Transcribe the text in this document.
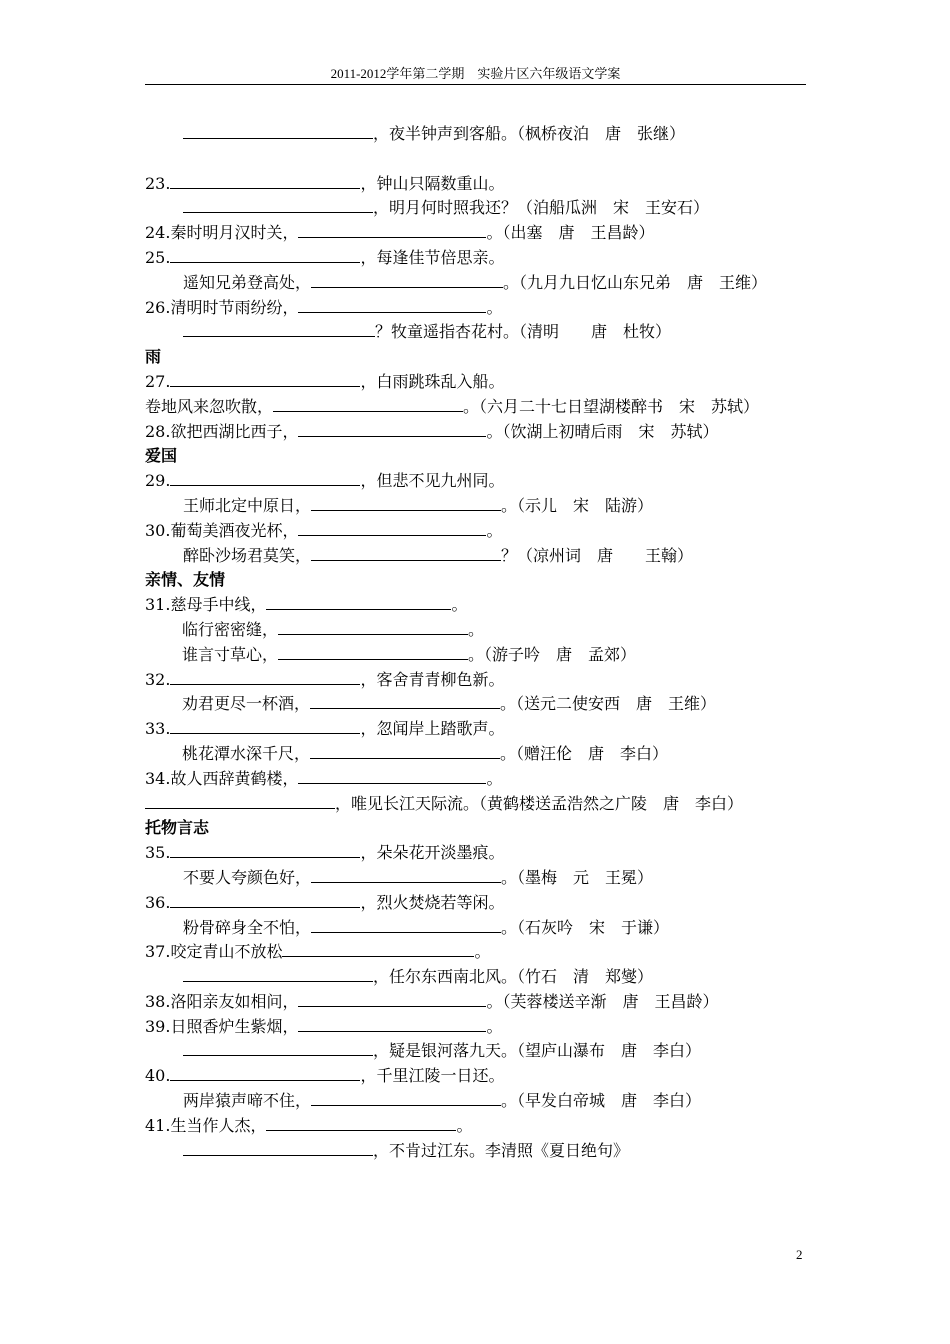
2011-2012学年第二学期　实验片区六年级语文学案
，夜半钟声到客船。（枫桥夜泊　唐　张继）
23.	，钟山只隔数重山。
，明月何时照我还？（泊船瓜洲　宋　王安石）
24.秦时明月汉时关，	。（出塞　唐　王昌龄）
25.	，每逢佳节倍思亲。
遥知兄弟登高处，	。（九月九日忆山东兄弟　唐　王维）
26.清明时节雨纷纷，	。
？牧童遥指杏花村。（清明　　唐　杜牧）
雨
27.	，白雨跳珠乱入船。
卷地风来忽吹散，	。（六月二十七日望湖楼醉书　宋　苏轼）
28.欲把西湖比西子，	。（饮湖上初晴后雨　宋　苏轼）
爱国
29.	，但悲不见九州同。
王师北定中原日，	。（示儿　宋　陆游）
30.葡萄美酒夜光杯，	。
醉卧沙场君莫笑，	？（凉州词　唐　　王翰）
亲情、友情
31.慈母手中线，	。
临行密密缝，	。
谁言寸草心，	。（游子吟　唐　孟郊）
32.	，客舍青青柳色新。
劝君更尽一杯酒，	。（送元二使安西　唐　王维）
33.	，忽闻岸上踏歌声。
桃花潭水深千尺，	。（赠汪伦　唐　李白）
34.故人西辞黄鹤楼，	。
，唯见长江天际流。（黄鹤楼送孟浩然之广陵　唐　李白）
托物言志
35.	，朵朵花开淡墨痕。
不要人夸颜色好，	。（墨梅　元　王冕）
36.	，烈火焚烧若等闲。
粉骨碎身全不怕，	。（石灰吟　宋　于谦）
37.咬定青山不放松	。
，任尔东西南北风。（竹石　清　郑燮）
38.洛阳亲友如相问，	。（芙蓉楼送辛渐　唐　王昌龄）
39.日照香炉生紫烟，	。
，疑是银河落九天。（望庐山瀑布　唐　李白）
40.	，千里江陵一日还。
两岸猿声啼不住，	。（早发白帝城　唐　李白）
41.生当作人杰，	。
，不肯过江东。李清照《夏日绝句》
2
